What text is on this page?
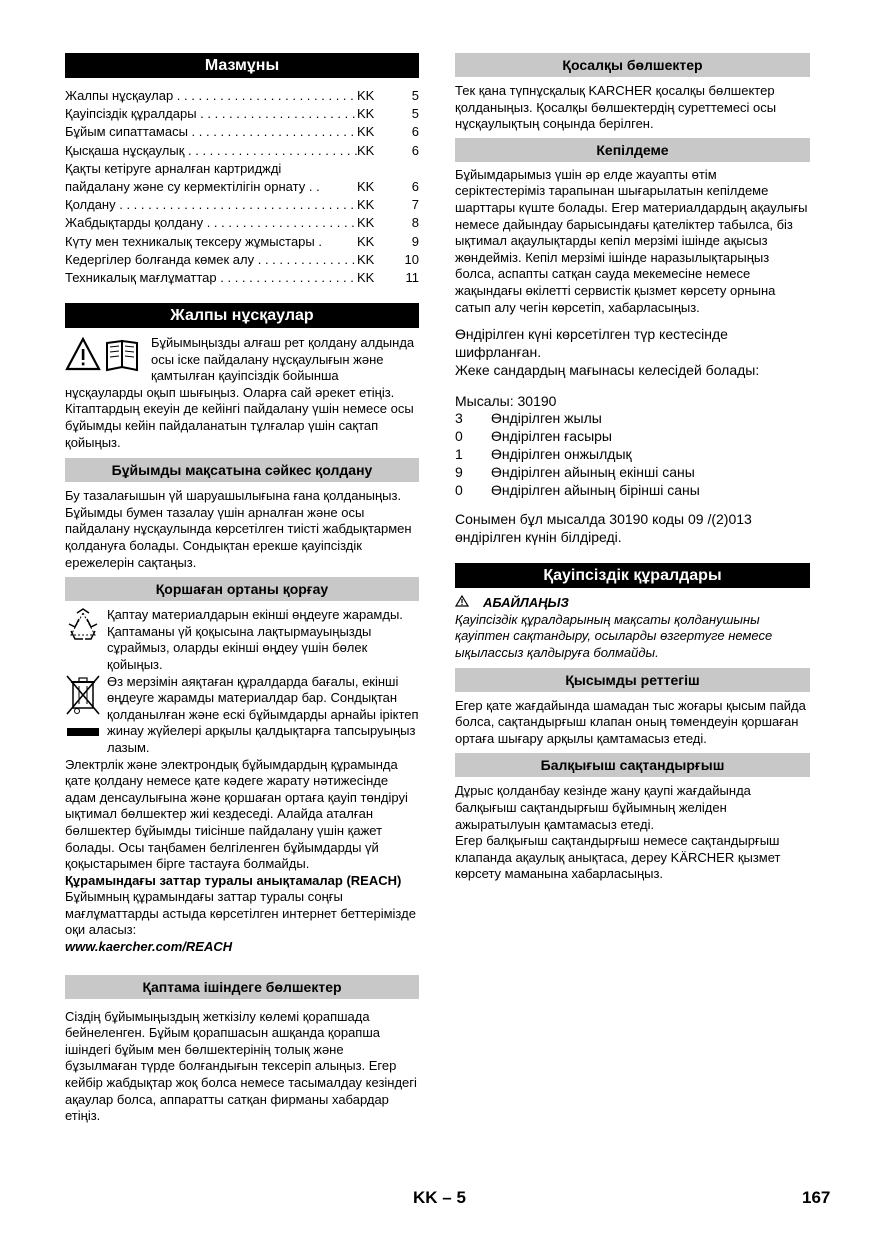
Мазмұны
Жалпы нұсқаулар . . .	KK	5
Қауіпсіздік құралдары . . .	KK	5
Бұйым сипаттамасы . . .	KK	6
Қысқаша нұсқаулық . . .	KK	6
Қақты кетіруге арналған картриджді
пайдалану және су кермектілігін орнату . .	KK	6
Қолдану . . .	KK	7
Жабдықтарды қолдану . . .	KK	8
Күту мен техникалық тексеру жұмыстары .	KK	9
Кедергілер болғанда көмек алу . . .	KK	10
Техникалық мағлұматтар . . .	KK	11
Жалпы нұсқаулар

Бұйымыңызды алғаш рет қолдану алдында осы іске пайдалану нұсқаулығын және қамтылған қауіпсіздік бойынша нұсқауларды оқып шығыңыз. Оларға сай әрекет етіңіз. Кітаптардың екеуін де кейінгі пайдалану үшін немесе осы бұйымды кейін пайдаланатын тұлғалар үшін сақтап қойыңыз.

Бұйымды мақсатына сәйкес қолдану

Бу тазалағышын үй шаруашылығына ғана қолданыңыз. Бұйымды бумен тазалау үшін арналған және осы пайдалану нұсқаулында көрсетілген тиісті жабдықтармен қолдануға болады. Сондықтан ерекше қауіпсіздік ережелерін сақтаңыз.

Қоршаған ортаны қорғау

Қаптау материалдарын екінші өңдеуге жарамды. Қаптаманы үй қоқысына лақтырмауыңызды сұраймыз, оларды екінші өңдеу үшін бөлек қойыңыз.

Өз мерзімін аяқтаған құралдарда бағалы, екінші өңдеуге жарамды материалдар бар. Сондықтан қолданылған және ескі бұйымдарды арнайы іріктеп жинау жүйелері арқылы қалдықтарға тапсыруыңыз лазым.

Электрлік және электрондық бұйымдардың құрамында қате қолдану немесе қате кәдеге жарату нәтижесінде адам денсаулығына және қоршаған ортаға қауіп төндіруі ықтимал бөлшектер жиі кездеседі. Алайда аталған бөлшектер бұйымды тиісінше пайдалану үшін қажет болады. Осы таңбамен белгіленген бұйымдарды үй қоқыстарымен бірге тастауға болмайды.

Құрамындағы заттар туралы анықтамалар (REACH)

Бұйымның құрамындағы заттар туралы соңғы мағлұматтарды астыда көрсетілген интернет беттерімізде оқи аласыз:

www.kaercher.com/REACH

Қаптама ішіндеге бөлшектер

Сіздің бұйымыңыздың жеткізілу көлемі қорапшада бейнеленген. Бұйым қорапшасын ашқанда қорапша ішіндегі бұйым мен бөлшектерінің толық және бұзылмаған түрде болғандығын тексеріп алыңыз. Егер кейбір жабдықтар жоқ болса немесе тасымалдау кезіндегі ақаулар болса, аппаратты сатқан фирманы хабардар етіңіз.

Қосалқы бөлшектер

Тек қана түпнұсқалық KARCHER қосалқы бөлшектер қолданыңыз. Қосалқы бөлшектердің суреттемесі осы нұсқаулықтың соңында берілген.

Кепілдеме

Бұйымдарымыз үшін әр елде жауапты өтім серіктестеріміз тарапынан шығарылатын кепілдеме шарттары күште болады. Егер материалдардың ақаулығы немесе дайындау барысындағы қателіктер табылса, біз ықтимал ақаулықтарды кепіл мерзімі ішінде ақысыз жөндейміз. Кепіл мерзімі ішінде наразылықтарыңыз болса, аспапты сатқан сауда мекемесіне немесе жақындағы өкілетті сервистік қызмет көрсету орнына сатып алу чегін көрсетіп, хабарласыңыз.

Өндірілген күні көрсетілген түр кестесінде шифрланған.

Жеке сандардың мағынасы келесідей болады:

Мысалы: 30190

3	Өндірілген жылы
0	Өндірілген ғасыры
1	Өндірілген онжылдық
9	Өндірілген айының екінші саны
0	Өндірілген айының бірінші саны

Сонымен бұл мысалда 30190 коды 09 /(2)013 өндірілген күнін білдіреді.

Қауіпсіздік құралдары
АБАЙЛАҢЫЗ

Қауіпсіздік құралдарының мақсаты қолданушыны қауіптен сақтандыру, осыларды өзгертуге немесе ықылассыз қалдыруға болмайды.

Қысымды реттегіш

Егер қате жағдайында шамадан тыс жоғары қысым пайда болса, сақтандырғыш клапан оның төмендеуін қоршаған ортаға шығару арқылы қамтамасыз етеді.

Балқығыш сақтандырғыш

Дұрыс қолданбау кезінде жану қаупі жағдайында балқығыш сақтандырғыш бұйымның желіден ажыратылуын қамтамасыз етеді.

Егер балқығыш сақтандырғыш немесе сақтандырғыш клапанда ақаулық анықтаса, дереу KÄRCHER қызмет көрсету маманына хабарласыңыз.

KK – 5	167
